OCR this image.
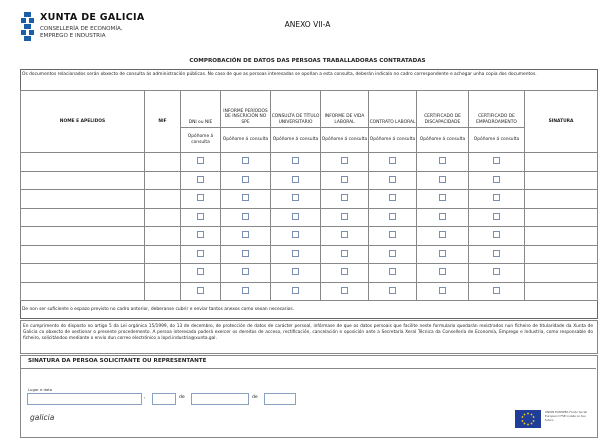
XUNTA DE GALICIA
CONSELLERÍA DE ECONOMÍA,
EMPREGO E INDUSTRIA
ANEXO VII-A
COMPROBACIÓN DE DATOS DAS PERSOAS TRABALLADORAS CONTRATADAS
Os documentos relacionados serán obxecto de consulta ás administración públicas. No caso de que as persoas interesadas se opoñan a esta consulta, deberán indicalo no cadro correspondente e achegar unha copia dos documentos.
NOME E APELIDOS	NIF	DNI ou NIE	INFORME PERÍODOS DE INSCRICIÓN NO SPE	CONSULTA DE TÍTULO UNIVERSITARIO	INFORME DE VIDA LABORAL	CONTRATO LABORAL	CERTIFICADO DE DISCAPACIDADE	CERTIFICADO DE EMPADROAMENTO	SINATURA
		Opóñome á consulta	Opóñome á consulta	Opóñome á consulta	Opóñome á consulta	Opóñome á consulta	Opóñome á consulta	Opóñome á consulta	

De non ser suficiente o espazo previsto no cadro anterior, deberanse cubrir e enviar tantos anexos como sexan necesarios.
En cumprimento do disposto no artigo 5 da Lei orgánica 15/1999, do 13 de decembro, de protección de datos de carácter persoal, infórmase de que os datos persoais que facilite neste formulario quedarán rexistrados nun ficheiro de titularidade da Xunta de Galicia co obxecto de xestionar o presente procedemento. A persoa interesada poderá exercer os dereitos de acceso, rectificación, cancelación e oposición ante a Secretaría Xeral Técnica da Consellería de Economía, Emprego e Industria, como responsable do ficheiro, solicitándoo mediante o envío dun correo electrónico a lopd.industria@xunta.gal.
SINATURA DA PERSOA SOLICITANTE OU REPRESENTANTE
Lugar e data
,	de	de
galicia
UNIÓN EUROPEA Fondo Social Europeo O FSE inviste no teu futuro
